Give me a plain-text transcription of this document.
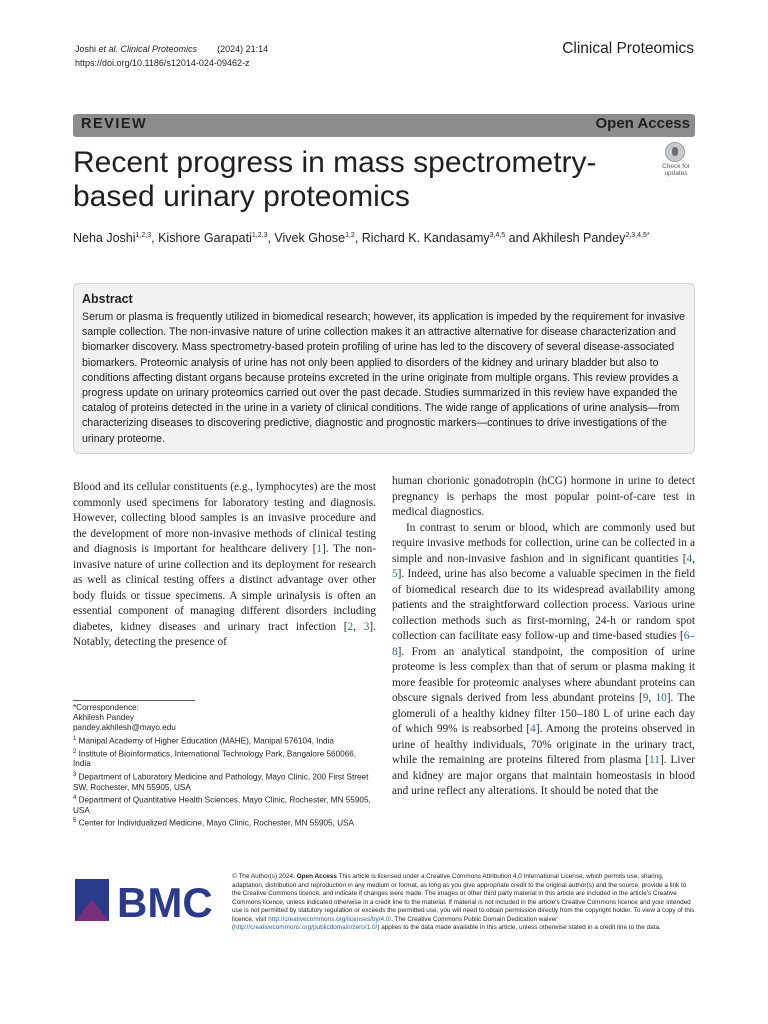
Joshi et al. Clinical Proteomics (2024) 21:14
https://doi.org/10.1186/s12014-024-09462-z
Clinical Proteomics
REVIEW	Open Access
Recent progress in mass spectrometry-based urinary proteomics
Check for
updates
Neha Joshi$^{1,2,3}$, Kishore Garapati$^{1,2,3}$, Vivek Ghose$^{1,2}$, Richard K. Kandasamy$^{3,4,5}$ and Akhilesh Pandey$^{2,3,4,5*}$
Abstract

Serum or plasma is frequently utilized in biomedical research; however, its application is impeded by the requirement for invasive sample collection. The non-invasive nature of urine collection makes it an attractive alternative for disease characterization and biomarker discovery. Mass spectrometry-based protein profiling of urine has led to the discovery of several disease-associated biomarkers. Proteomic analysis of urine has not only been applied to disorders of the kidney and urinary bladder but also to conditions affecting distant organs because proteins excreted in the urine originate from multiple organs. This review provides a progress update on urinary proteomics carried out over the past decade. Studies summarized in this review have expanded the catalog of proteins detected in the urine in a variety of clinical conditions. The wide range of applications of urine analysis—from characterizing diseases to discovering predictive, diagnostic and prognostic markers—continues to drive investigations of the urinary proteome.

Blood and its cellular constituents (e.g., lymphocytes) are the most commonly used specimens for laboratory testing and diagnosis. However, collecting blood samples is an invasive procedure and the development of more non-invasive methods of clinical testing and diagnosis is important for healthcare delivery [1]. The non-invasive nature of urine collection and its deployment for research as well as clinical testing offers a distinct advantage over other body fluids or tissue specimens. A simple urinalysis is often an essential component of managing different disorders including diabetes, kidney diseases and urinary tract infection [2, 3]. Notably, detecting the presence of

human chorionic gonadotropin (hCG) hormone in urine to detect pregnancy is perhaps the most popular point-of-care test in medical diagnostics.

In contrast to serum or blood, which are commonly used but require invasive methods for collection, urine can be collected in a simple and non-invasive fashion and in significant quantities [4, 5]. Indeed, urine has also become a valuable specimen in the field of biomedical research due to its widespread availability among patients and the straightforward collection process. Various urine collection methods such as first-morning, 24-h or random spot collection can facilitate easy follow-up and time-based studies [6–8]. From an analytical standpoint, the composition of urine proteome is less complex than that of serum or plasma making it more feasible for proteomic analyses where abundant proteins can obscure signals derived from less abundant proteins [9, 10]. The glomeruli of a healthy kidney filter 150–180 L of urine each day of which 99% is reabsorbed [4]. Among the proteins observed in urine of healthy individuals, 70% originate in the urinary tract, while the remaining are proteins filtered from plasma [11]. Liver and kidney are major organs that maintain homeostasis in blood and urine reflect any alterations. It should be noted that the

*Correspondence:

Akhilesh Pandey

pandey.akhilesh@mayo.edu

$^1$ Manipal Academy of Higher Education (MAHE), Manipal 576104, India

$^2$ Institute of Bioinformatics, International Technology Park, Bangalore 560066, India

$^3$ Department of Laboratory Medicine and Pathology, Mayo Clinic, 200 First Street SW, Rochester, MN 55905, USA

$^4$ Department of Quantitative Health Sciences, Mayo Clinic, Rochester, MN 55905, USA

$^5$ Center for Individualized Medicine, Mayo Clinic, Rochester, MN 55905, USA

BMC
© The Author(s) 2024. Open Access This article is licensed under a Creative Commons Attribution 4.0 International License, which permits use, sharing, adaptation, distribution and reproduction in any medium or format, as long as you give appropriate credit to the original author(s) and the source, provide a link to the Creative Commons licence, and indicate if changes were made. The images or other third party material in this article are included in the article's Creative Commons licence, unless indicated otherwise in a credit line to the material. If material is not included in the article's Creative Commons licence and your intended use is not permitted by statutory regulation or exceeds the permitted use, you will need to obtain permission directly from the copyright holder. To view a copy of this licence, visit http://creativecommons.org/licenses/by/4.0/. The Creative Commons Public Domain Dedication waiver (http://creativecommons.org/publicdomain/zero/1.0/) applies to the data made available in this article, unless otherwise stated in a credit line to the data.
